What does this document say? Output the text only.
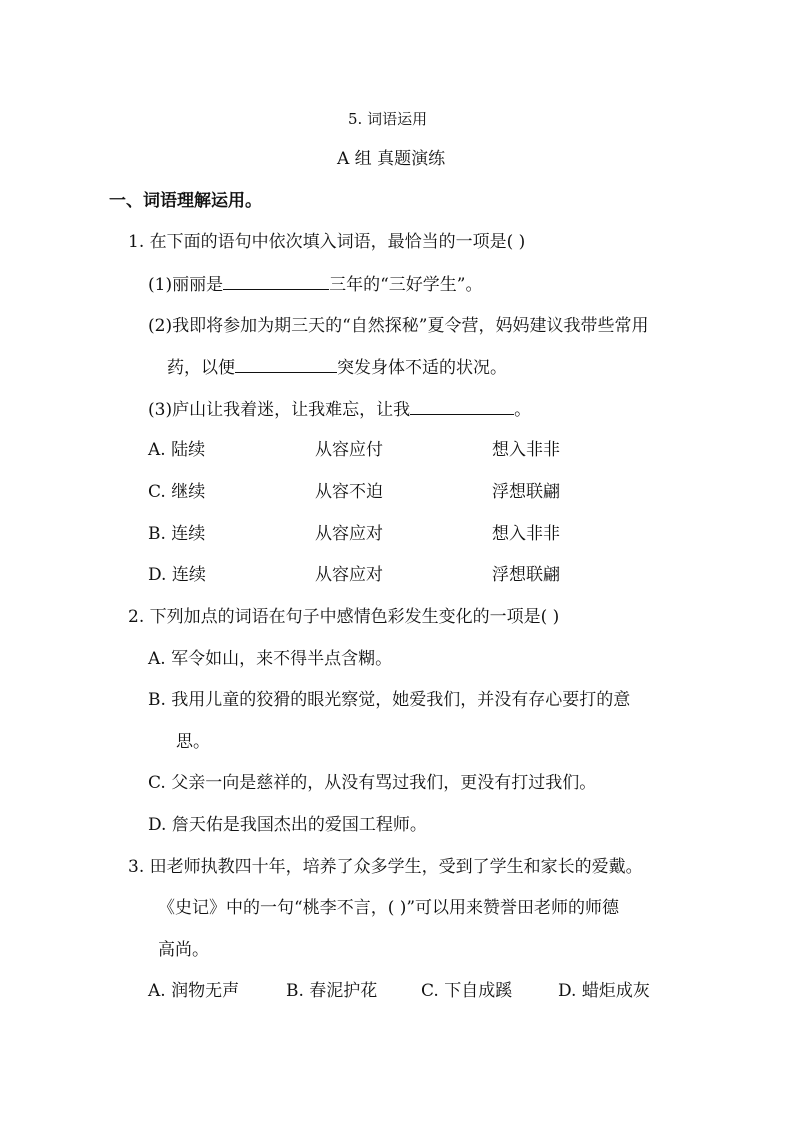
5. 词语运用
A 组 真题演练
一、词语理解运用。
1. 在下面的语句中依次填入词语，最恰当的一项是( )
(1)丽丽是	三年的“三好学生”。
(2)我即将参加为期三天的“自然探秘”夏令营，妈妈建议我带些常用
药，以便	突发身体不适的状况。
(3)庐山让我着迷，让我难忘，让我	。
A. 陆续	从容应付	想入非非
C. 继续	从容不迫	浮想联翩
B. 连续	从容应对	想入非非
D. 连续	从容应对	浮想联翩
2. 下列加点的词语在句子中感情色彩发生变化的一项是( )
A. 军令如山，来不得半点含糊。
B. 我用儿童的狡猾的眼光察觉，她爱我们，并没有存心要打的意
思。
C. 父亲一向是慈祥的，从没有骂过我们，更没有打过我们。
D. 詹天佑是我国杰出的爱国工程师。
3. 田老师执教四十年，培养了众多学生，受到了学生和家长的爱戴。
《史记》中的一句“桃李不言，( )”可以用来赞誉田老师的师德
高尚。
A. 润物无声	B. 春泥护花	C. 下自成蹊	D. 蜡炬成灰
